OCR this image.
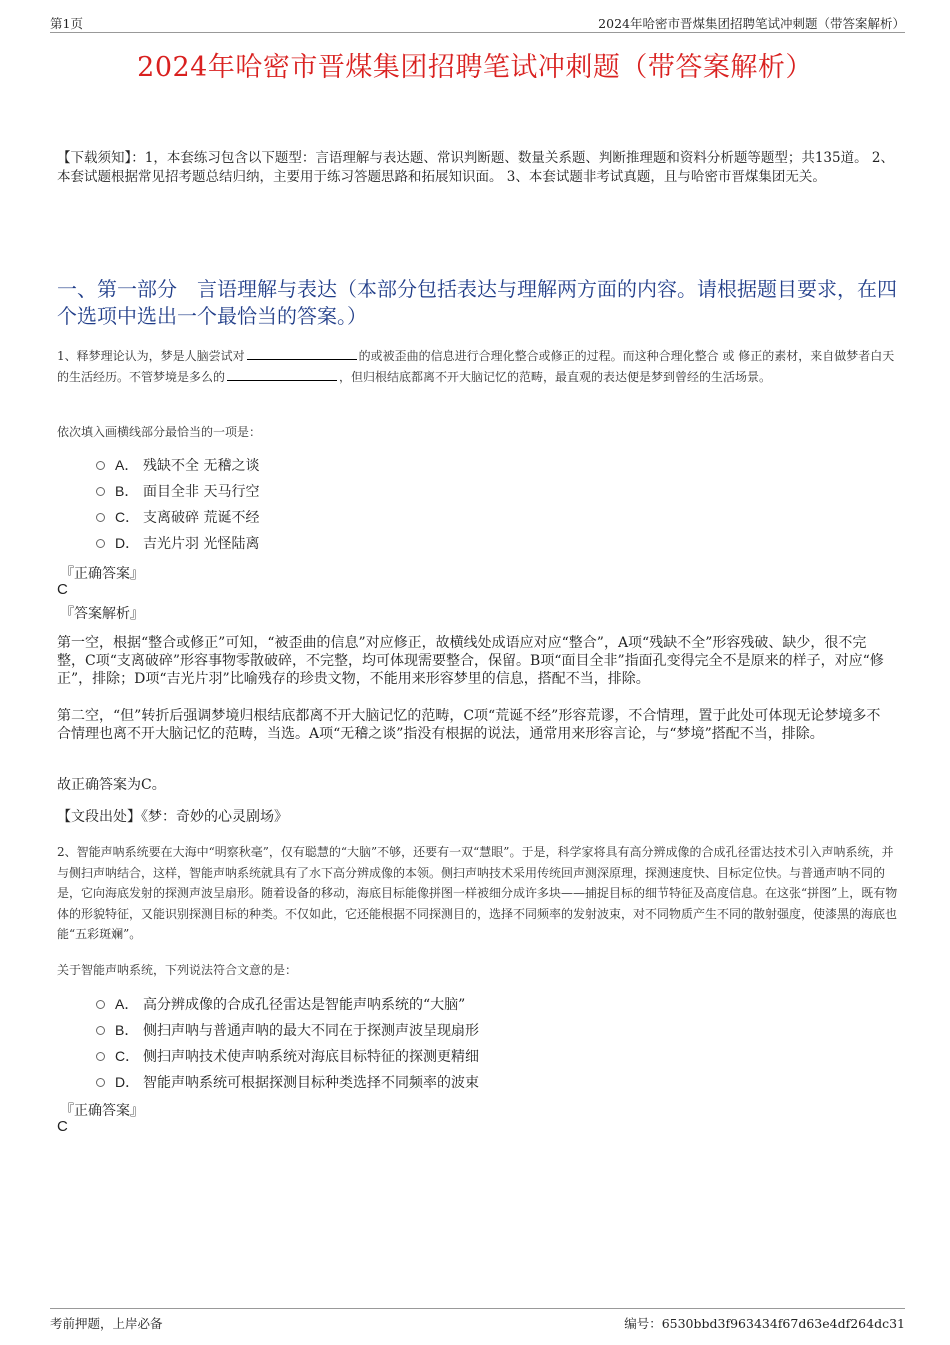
第1页	2024年哈密市晋煤集团招聘笔试冲刺题（带答案解析）
2024年哈密市晋煤集团招聘笔试冲刺题（带答案解析）
【下载须知】：1，本套练习包含以下题型：言语理解与表达题、常识判断题、数量关系题、判断推理题和资料分析题等题型；共135道。 2、本套试题根据常见招考题总结归纳，主要用于练习答题思路和拓展知识面。 3、本套试题非考试真题，且与哈密市晋煤集团无关。
一、第一部分　言语理解与表达（本部分包括表达与理解两方面的内容。请根据题目要求，在四个选项中选出一个最恰当的答案。）
1、释梦理论认为，梦是人脑尝试对	的或被歪曲的信息进行合理化整合或修正的过程。而这种合理化整合 或 修正的素材，来自做梦者白天的生活经历。不管梦境是多么的	，但归根结底都离不开大脑记忆的范畴，最直观的表达便是梦到曾经的生活场景。
依次填入画横线部分最恰当的一项是：
A． 残缺不全 无稽之谈
B． 面目全非 天马行空
C． 支离破碎 荒诞不经
D． 吉光片羽 光怪陆离
『正确答案』
C
『答案解析』
第一空，根据“整合或修正”可知，“被歪曲的信息”对应修正，故横线处成语应对应“整合”，A项“残缺不全”形容残破、缺少，很不完整，C项“支离破碎”形容事物零散破碎，不完整，均可体现需要整合，保留。B项“面目全非”指面孔变得完全不是原来的样子，对应“修正”，排除；D项“吉光片羽”比喻残存的珍贵文物，不能用来形容梦里的信息，搭配不当，排除。
第二空，“但”转折后强调梦境归根结底都离不开大脑记忆的范畴，C项“荒诞不经”形容荒谬，不合情理，置于此处可体现无论梦境多不合情理也离不开大脑记忆的范畴，当选。A项“无稽之谈”指没有根据的说法，通常用来形容言论，与“梦境”搭配不当，排除。
故正确答案为C。
【文段出处】《梦：奇妙的心灵剧场》
2、智能声呐系统要在大海中“明察秋毫”，仅有聪慧的“大脑”不够，还要有一双“慧眼”。于是，科学家将具有高分辨成像的合成孔径雷达技术引入声呐系统，并与侧扫声呐结合，这样，智能声呐系统就具有了水下高分辨成像的本领。侧扫声呐技术采用传统回声测深原理，探测速度快、目标定位快。与普通声呐不同的是，它向海底发射的探测声波呈扇形。随着设备的移动，海底目标能像拼图一样被细分成许多块——捕捉目标的细节特征及高度信息。在这张“拼图”上，既有物体的形貌特征，又能识别探测目标的种类。不仅如此，它还能根据不同探测目的，选择不同频率的发射波束，对不同物质产生不同的散射强度，使漆黑的海底也能“五彩斑斓”。
关于智能声呐系统，下列说法符合文意的是：
A． 高分辨成像的合成孔径雷达是智能声呐系统的“大脑”
B． 侧扫声呐与普通声呐的最大不同在于探测声波呈现扇形
C． 侧扫声呐技术使声呐系统对海底目标特征的探测更精细
D． 智能声呐系统可根据探测目标种类选择不同频率的波束
『正确答案』
C
考前押题，上岸必备	编号：6530bbd3f963434f67d63e4df264dc31
